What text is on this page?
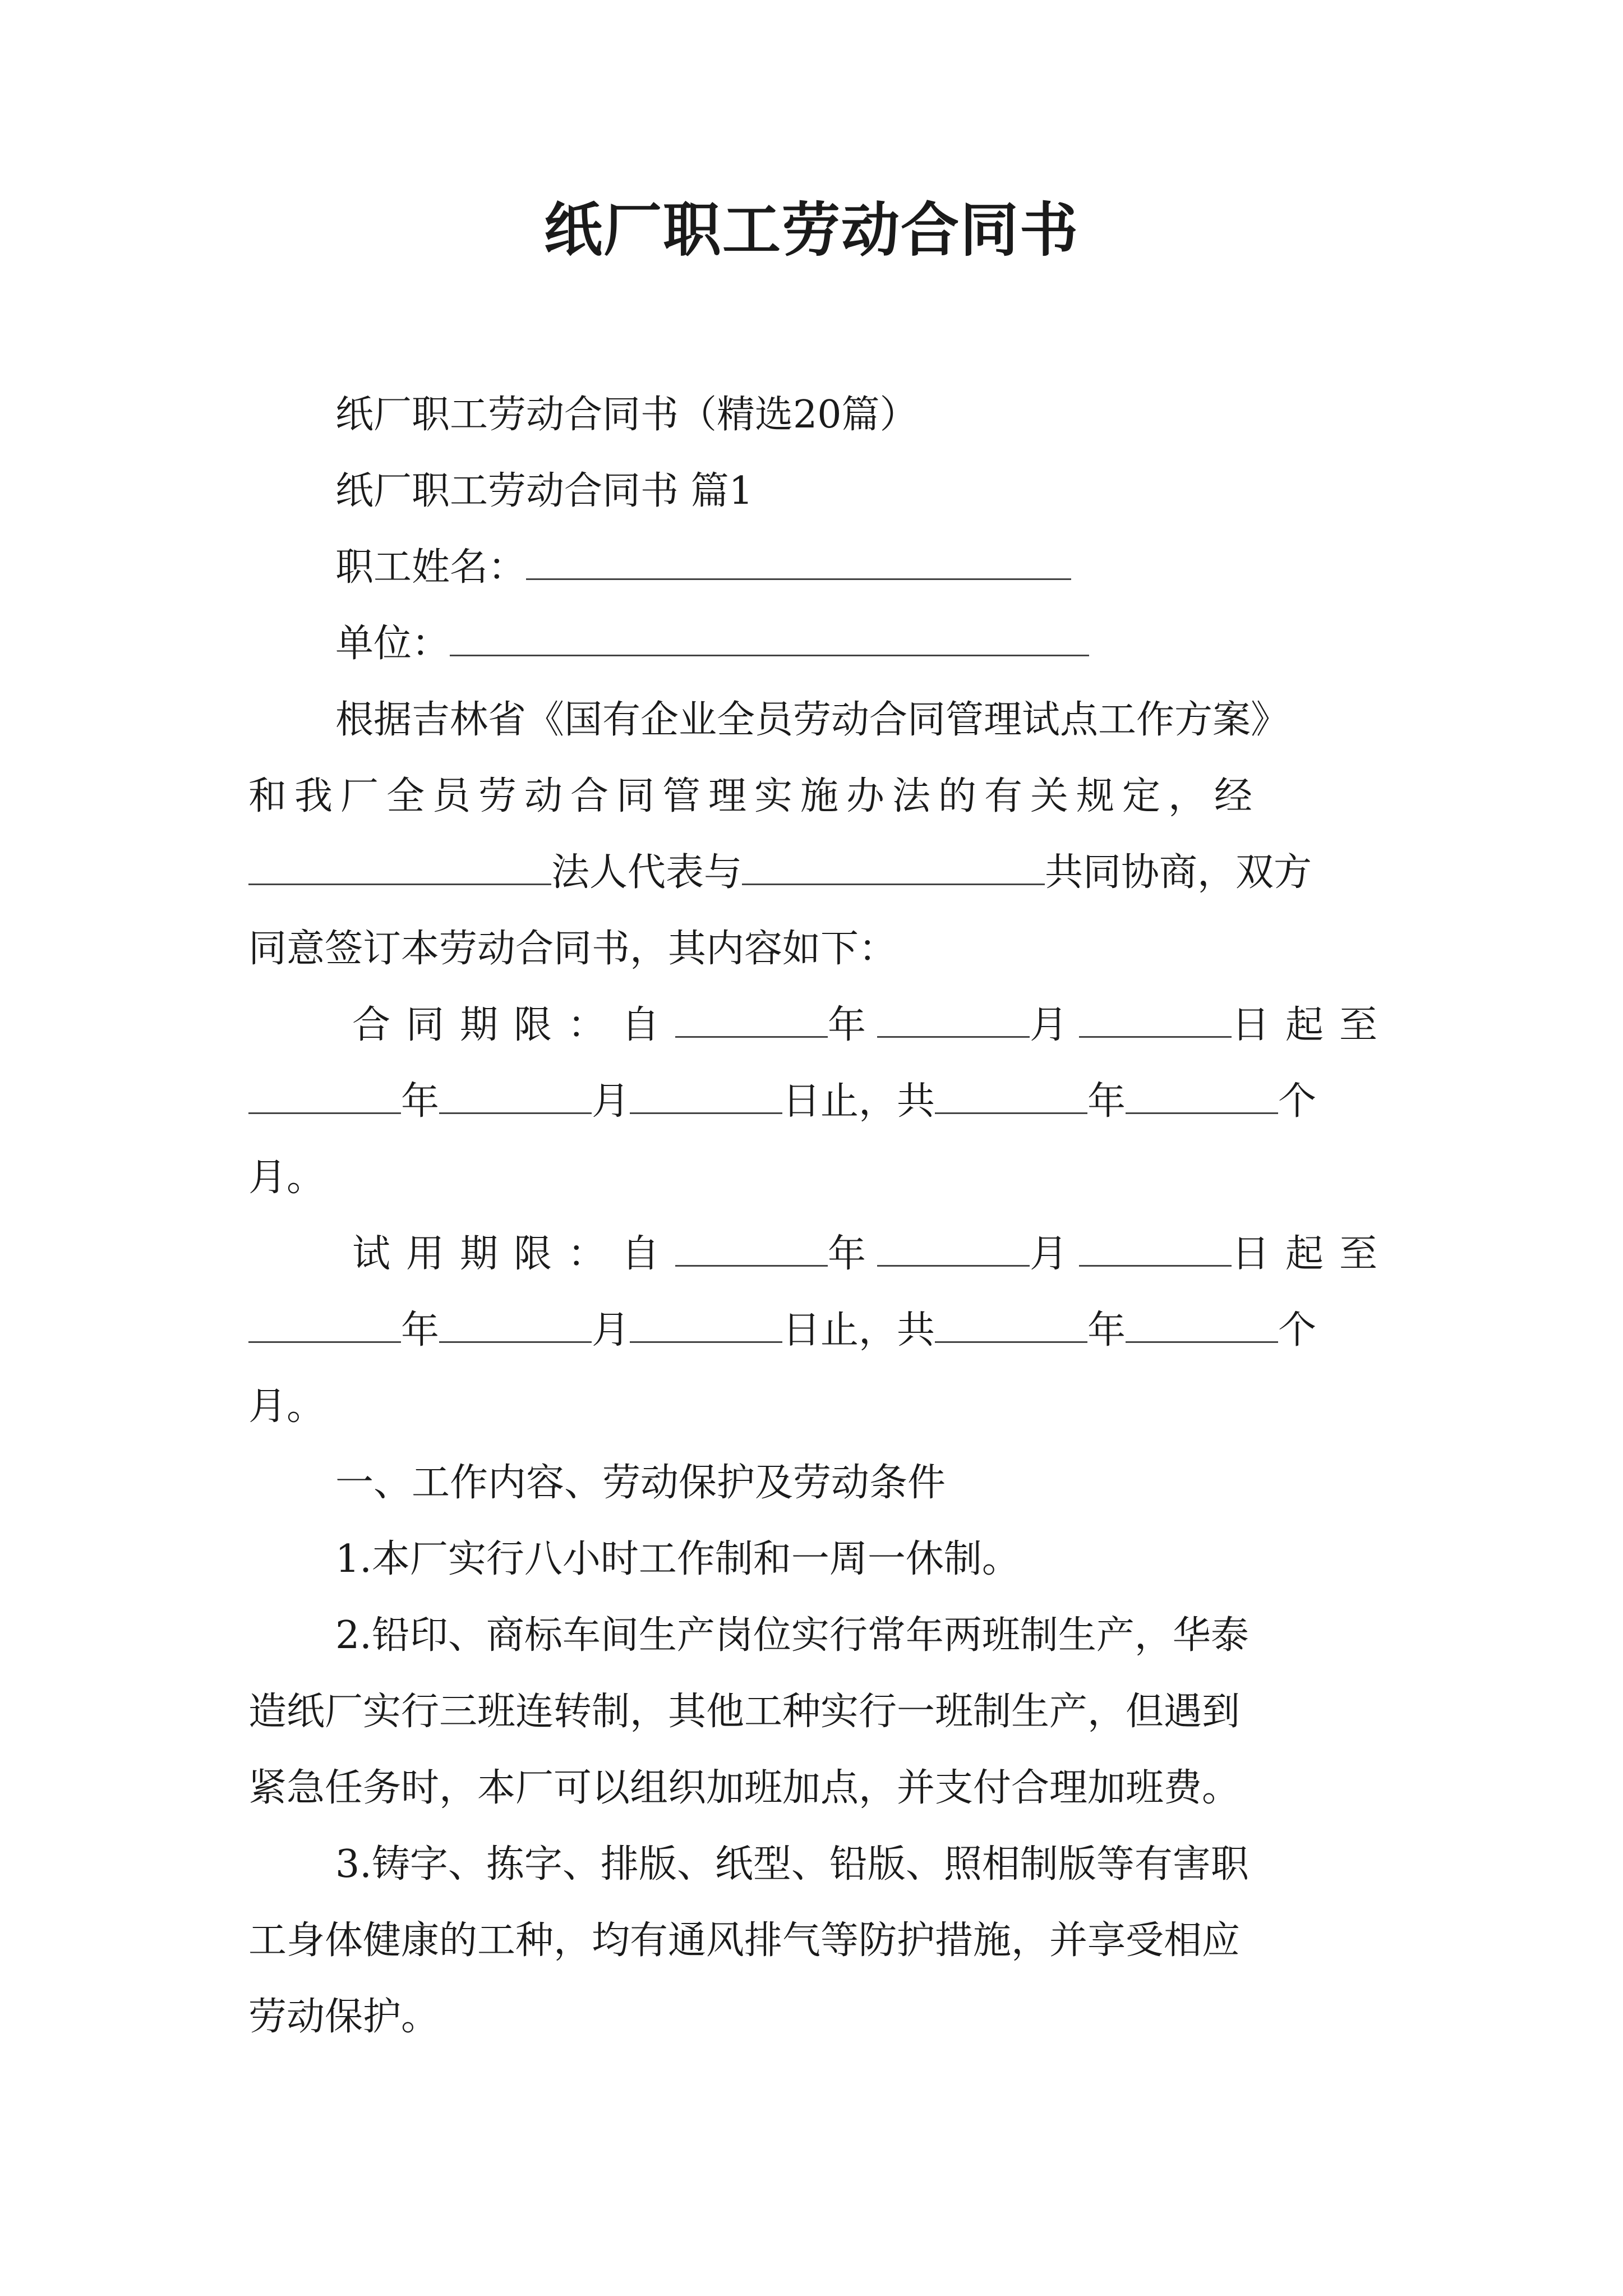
纸厂职工劳动合同书
纸厂职工劳动合同书（精选20篇）
纸厂职工劳动合同书 篇1
职工姓名：
单位：
根据吉林省《国有企业全员劳动合同管理试点工作方案》
和我厂全员劳动合同管理实施办法的有关规定，经
法人代表与	共同协商，双方
同意签订本劳动合同书，其内容如下：
合同期限：自	年	月	日起至
年	月	日止，共	年	个
月。
试用期限：自	年	月	日起至
年	月	日止，共	年	个
月。
一、工作内容、劳动保护及劳动条件
1.本厂实行八小时工作制和一周一休制。
2.铅印、商标车间生产岗位实行常年两班制生产，华泰
造纸厂实行三班连转制，其他工种实行一班制生产，但遇到
紧急任务时，本厂可以组织加班加点，并支付合理加班费。
3.铸字、拣字、排版、纸型、铅版、照相制版等有害职
工身体健康的工种，均有通风排气等防护措施，并享受相应
劳动保护。
